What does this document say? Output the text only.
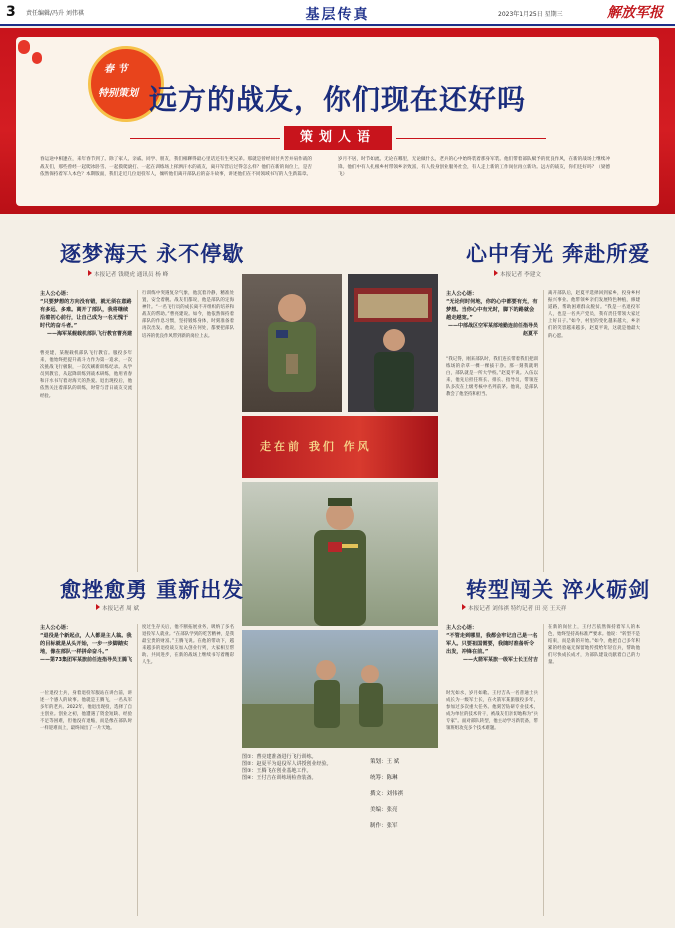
3 责任编辑/冯升 刘伟祺	基层传真	2023年1月25日 星期三	解放军报
春 节
特别策划 远方的战友，你们现在还好吗
策划人语
春运途中相逢在，来年春节到了。除了家人、亲戚、同学、朋友，我们相聊得最心里话还有生死兄弟。那就是曾经同甘共苦并肩作战的战友们，那些曾经一起爬冰卧雪、一起摸爬滚打、一起在训练场上挥洒汗水的战友，离开军营后过得怎么样？他们在新的岗位上，是否依然保持着军人本色？本期版面，我们走近几位退役军人，倾听他们离开部队后的奋斗故事，讲述他们在不同领域书写的人生新篇章。
岁月不居，时节如流。无论在哪里，无论做什么，老兵的心中始终装着那身军装。他们带着部队赋予的优良作风，在新的战场上继续冲锋。他们中有人扎根乡村带领乡亲致富，有人投身创业服务社会，有人走上新的工作岗位再立新功。远方的战友，你们还好吗？（梁德飞）
逐梦海天 永不停歇
本报记者 钱晓虎 通讯员 杨 峰
主人公心语：
“只要梦想的方向没有错，就无须在意路有多远、多难。离开了部队，我将继续沿着初心前行，让自己成为一名无愧于时代的奋斗者。”
——海军某舰载机部队飞行教官曹亮建
曹亮建，某舰载机部队飞行教官。服役多年来，他始终把提升战斗力作为第一追求，一次次挑战飞行极限，一次次刷新训练纪录。从学员到教官，从起降训练到战术研练，他用青春和汗水书写着对海天的热爱。退出现役后，他依然关注着部队的训练，时常与昔日战友交流经验。
行训练中突遇复杂气象，他沉着冷静，精准处置，安全着舰。战友们都说，他是部队的定海神针。“一名飞行员的成长离不开组织的培养和战友的帮助。”曹亮建说。如今，他依然保持着部队的作息习惯，坚持锻炼身体，时刻准备着再次出发。他说，无论身在何处，都要把部队培养的优良作风带到新的岗位上去。
走在前 我们 作风
心中有光 奔赴所爱
本报记者 李建文
主人公心语：
“无论何时何地，你的心中都要有光，有梦想。当你心中有光时，脚下的路就会越走越宽。”
——中部战区空军某部地勤连前任指导员赵夏平
“我记得，刚来部队时，我们连长带着我们把训练场的杂草一棵一棵拔干净。那一刻我就明白，部队就是一所大学校。”赵夏平说。入伍以来，他先后担任班长、排长、指导员，带领连队多次在上级考核中名列前茅。他说，是部队教会了他坚持和担当。
离开部队后，赵夏平选择回到家乡，投身乡村振兴事业。他带领乡亲们发展特色种植，修建道路，帮助困难群众脱贫。“我是一名退役军人，也是一名共产党员，我有责任带领大家过上好日子。”如今，村里的变化越来越大，乡亲们的笑容越来越多，赵夏平说，这就是他最大的心愿。
愈挫愈勇 重新出发
本报记者 周 斌
主人公心语：
“退役是个新起点，人人都是主人翁。我的目标就是从头开始，一步一步脚踏实地，像在部队一样拼命奋斗。”
——第73集团军某旅前任连指导员王腾飞
一位退役士兵，身着退役军服站在讲台前，讲述一个感人的故事。他就是王腾飞，一名从军多年的老兵。2022年，他退出现役，选择了自主创业。创业之初，他遭遇了资金短缺、经验不足等困难，但他没有退缩，而是像在部队时一样迎难而上，最终闯出了一片天地。
度过生存关后，他不断拓展业务，吸纳了多名退役军人就业。“在部队学到的吃苦精神，是我最宝贵的财富。”王腾飞说。在他的带动下，越来越多的退役战友加入创业行列，大家相互帮助、共同进步，在新的战场上继续书写着精彩人生。
图①：曹亮建准备进行飞行训练。
图②：赵夏平为退役军人讲授创业经验。
图③：王腾飞在创业基地工作。
图④：王付吉在训练场检查装备。
策划：王 斌
统筹：陈琳
撰文：刘伟祺
美编：张亮
制作：张军
转型闯关 淬火砺剑
本报记者 刘伟祺 特约记者 田 亮 王天祥
主人公心语：
“不管走到哪里，我都会牢记自己是一名军人。只要祖国需要，我随时准备听令出发，冲锋在前。”
——火箭军某旅一级军士长王付吉
时光如水，岁月如歌。王付吉从一名普通士兵成长为一级军士长，在火箭军某旅服役多年，参加过多次重大任务。他刻苦钻研专业技术，成为单位的技术骨干，被战友们亲切地称为“兵专家”。面对部队转型，他主动学习新装备，带领班组攻克多个技术难题。
在新的岗位上，王付吉依然保持着军人的本色，始终坚持高标准严要求。他说：“转型不是结束，而是新的开始。”如今，他把自己多年积累的经验毫无保留地传授给年轻官兵，帮助他们尽快成长成才，为部队建设贡献着自己的力量。
